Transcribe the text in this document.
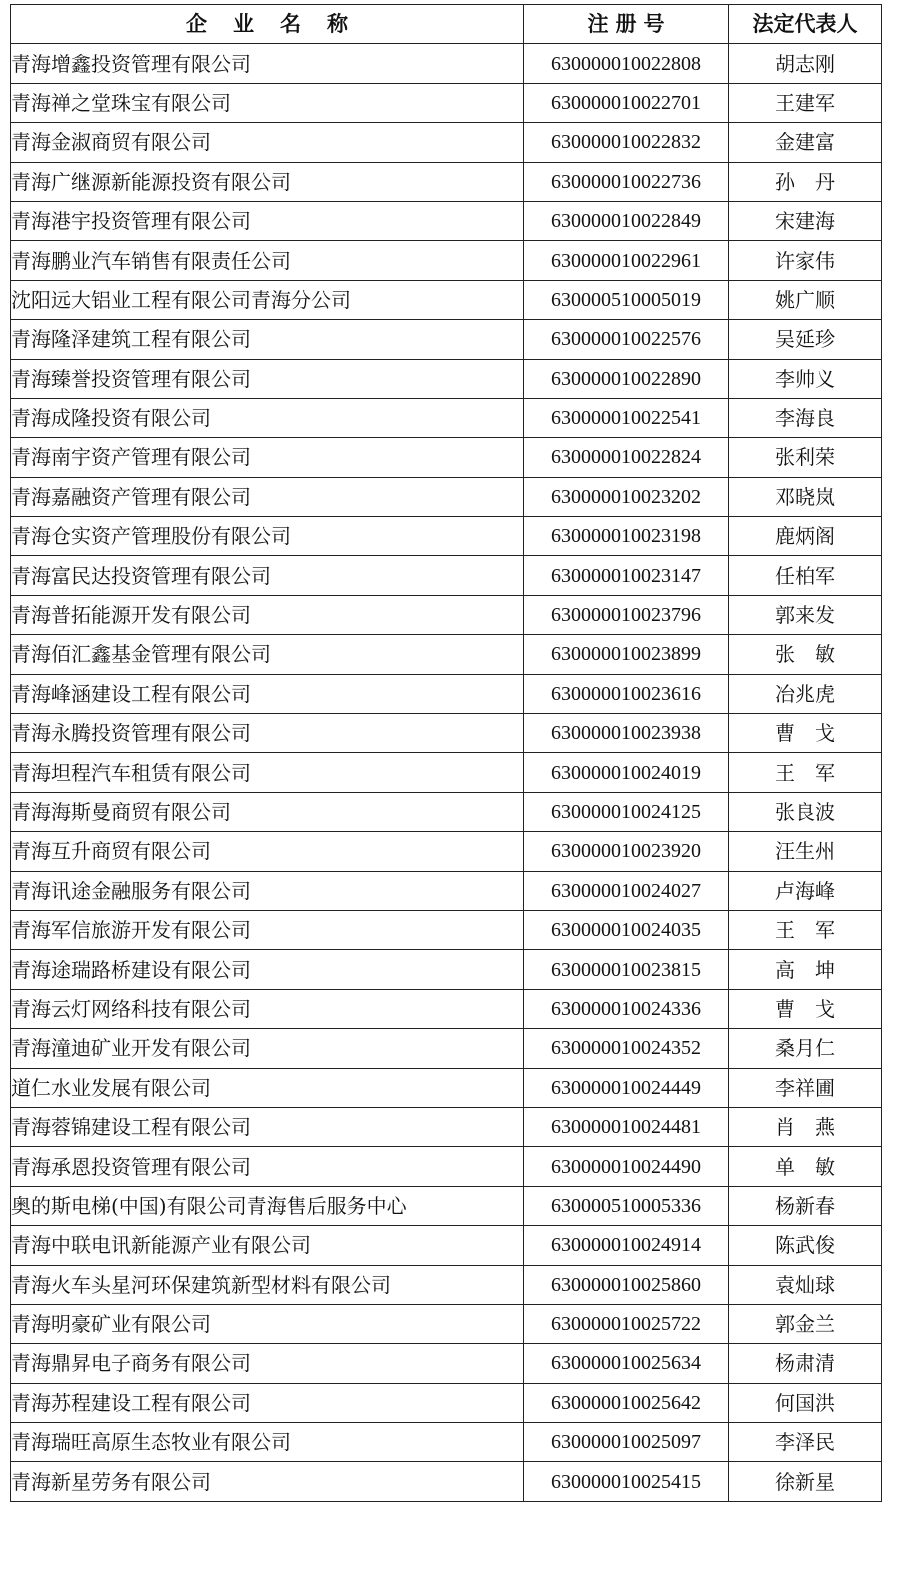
企业名称	注册号	法定代表人
青海增鑫投资管理有限公司	630000010022808	胡志刚
青海禅之堂珠宝有限公司	630000010022701	王建军
青海金淑商贸有限公司	630000010022832	金建富
青海广继源新能源投资有限公司	630000010022736	孙丹
青海港宇投资管理有限公司	630000010022849	宋建海
青海鹏业汽车销售有限责任公司	630000010022961	许家伟
沈阳远大铝业工程有限公司青海分公司	630000510005019	姚广顺
青海隆泽建筑工程有限公司	630000010022576	吴延珍
青海臻誉投资管理有限公司	630000010022890	李帅义
青海成隆投资有限公司	630000010022541	李海良
青海南宇资产管理有限公司	630000010022824	张利荣
青海嘉融资产管理有限公司	630000010023202	邓晓岚
青海仓实资产管理股份有限公司	630000010023198	鹿炳阁
青海富民达投资管理有限公司	630000010023147	任柏军
青海普拓能源开发有限公司	630000010023796	郭来发
青海佰汇鑫基金管理有限公司	630000010023899	张敏
青海峰涵建设工程有限公司	630000010023616	冶兆虎
青海永腾投资管理有限公司	630000010023938	曹戈
青海坦程汽车租赁有限公司	630000010024019	王军
青海海斯曼商贸有限公司	630000010024125	张良波
青海互升商贸有限公司	630000010023920	汪生州
青海讯途金融服务有限公司	630000010024027	卢海峰
青海军信旅游开发有限公司	630000010024035	王军
青海途瑞路桥建设有限公司	630000010023815	高坤
青海云灯网络科技有限公司	630000010024336	曹戈
青海潼迪矿业开发有限公司	630000010024352	桑月仁
道仁水业发展有限公司	630000010024449	李祥圃
青海蓉锦建设工程有限公司	630000010024481	肖燕
青海承恩投资管理有限公司	630000010024490	单敏
奥的斯电梯(中国)有限公司青海售后服务中心	630000510005336	杨新春
青海中联电讯新能源产业有限公司	630000010024914	陈武俊
青海火车头星河环保建筑新型材料有限公司	630000010025860	袁灿球
青海明豪矿业有限公司	630000010025722	郭金兰
青海鼎昇电子商务有限公司	630000010025634	杨肃清
青海苏程建设工程有限公司	630000010025642	何国洪
青海瑞旺高原生态牧业有限公司	630000010025097	李泽民
青海新星劳务有限公司	630000010025415	徐新星
